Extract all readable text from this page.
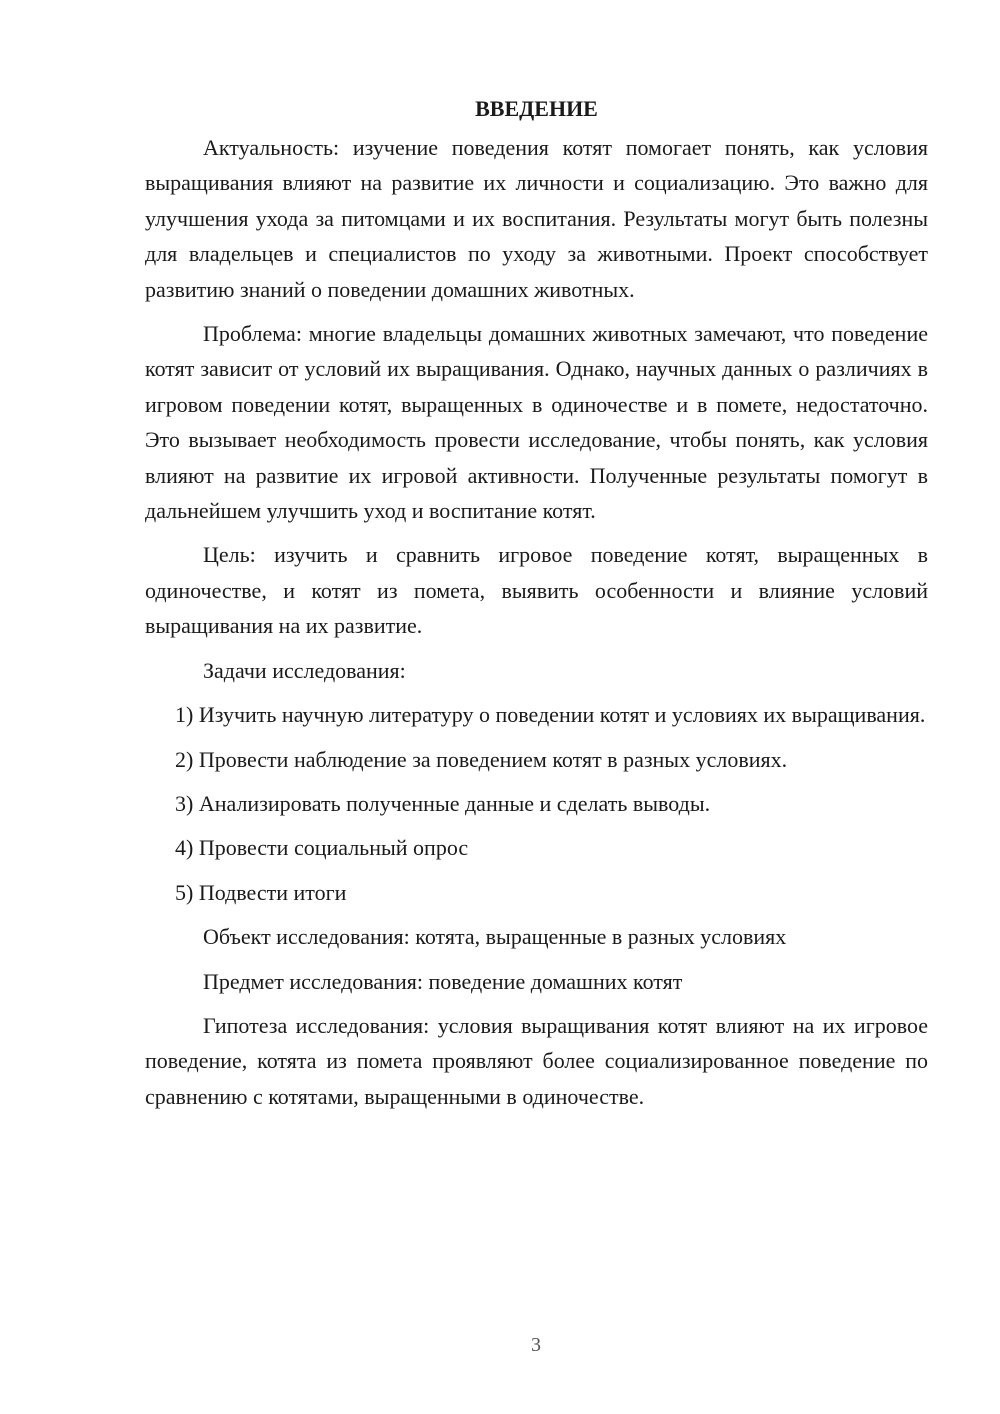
ВВЕДЕНИЕ

Актуальность: изучение поведения котят помогает понять, как условия выращивания влияют на развитие их личности и социализацию. Это важно для улучшения ухода за питомцами и их воспитания. Результаты могут быть полезны для владельцев и специалистов по уходу за животными. Проект способствует развитию знаний о поведении домашних животных.

Проблема: многие владельцы домашних животных замечают, что поведение котят зависит от условий их выращивания. Однако, научных данных о различиях в игровом поведении котят, выращенных в одиночестве и в помете, недостаточно. Это вызывает необходимость провести исследование, чтобы понять, как условия влияют на развитие их игровой активности. Полученные результаты помогут в дальнейшем улучшить уход и воспитание котят.

Цель: изучить и сравнить игровое поведение котят, выращенных в одиночестве, и котят из помета, выявить особенности и влияние условий выращивания на их развитие.

Задачи исследования:

1) Изучить научную литературу о поведении котят и условиях их выращивания.

2) Провести наблюдение за поведением котят в разных условиях.

3) Анализировать полученные данные и сделать выводы.

4) Провести социальный опрос

5) Подвести итоги

Объект исследования: котята, выращенные в разных условиях

Предмет исследования: поведение домашних котят

Гипотеза исследования: условия выращивания котят влияют на их игровое поведение, котята из помета проявляют более социализированное поведение по сравнению с котятами, выращенными в одиночестве.

3
